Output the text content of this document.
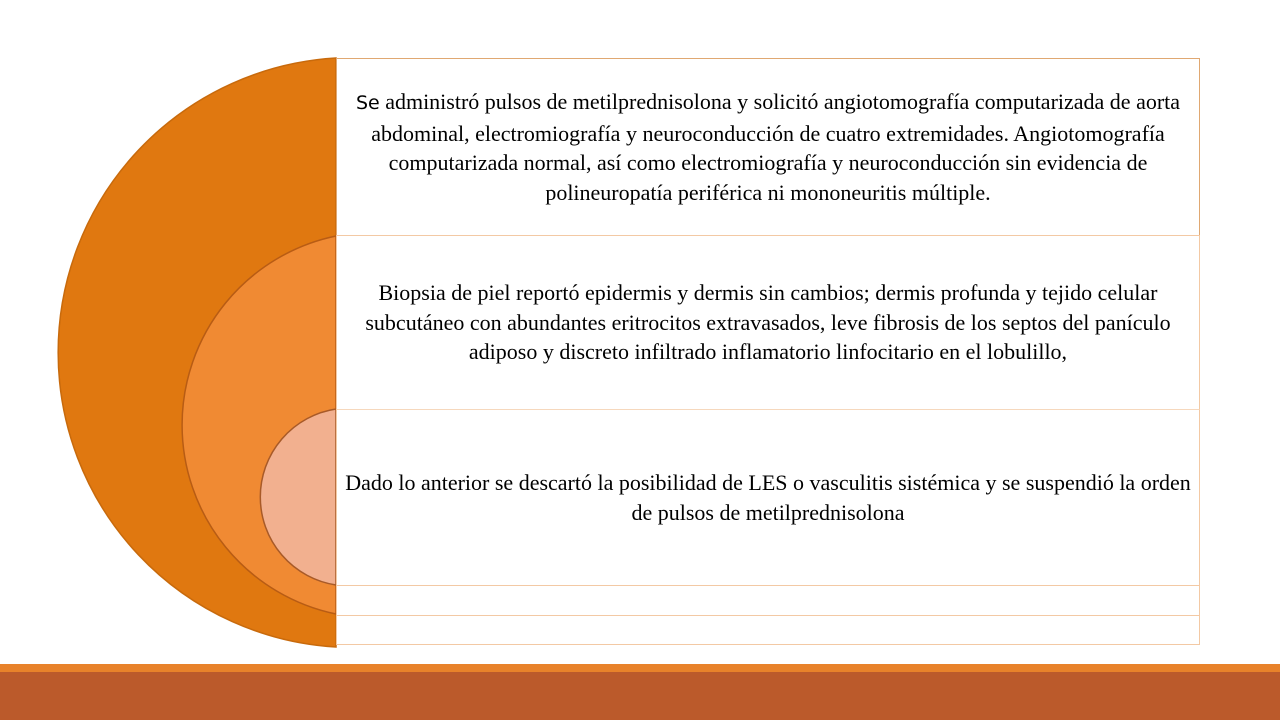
Se administró pulsos de metilprednisolona y solicitó angiotomografía computarizada de aorta abdominal, electromiografía y neuroconducción de cuatro extremidades. Angiotomografía computarizada normal, así como electromiografía y neuroconducción sin evidencia de polineuropatía periférica ni mononeuritis múltiple.

Biopsia de piel reportó epidermis y dermis sin cambios; dermis profunda y tejido celular subcutáneo con abundantes eritrocitos extravasados, leve fibrosis de los septos del panículo adiposo y discreto infiltrado inflamatorio linfocitario en el lobulillo,

Dado lo anterior se descartó la posibilidad de LES o vasculitis sistémica y se suspendió la orden de pulsos de metilprednisolona
